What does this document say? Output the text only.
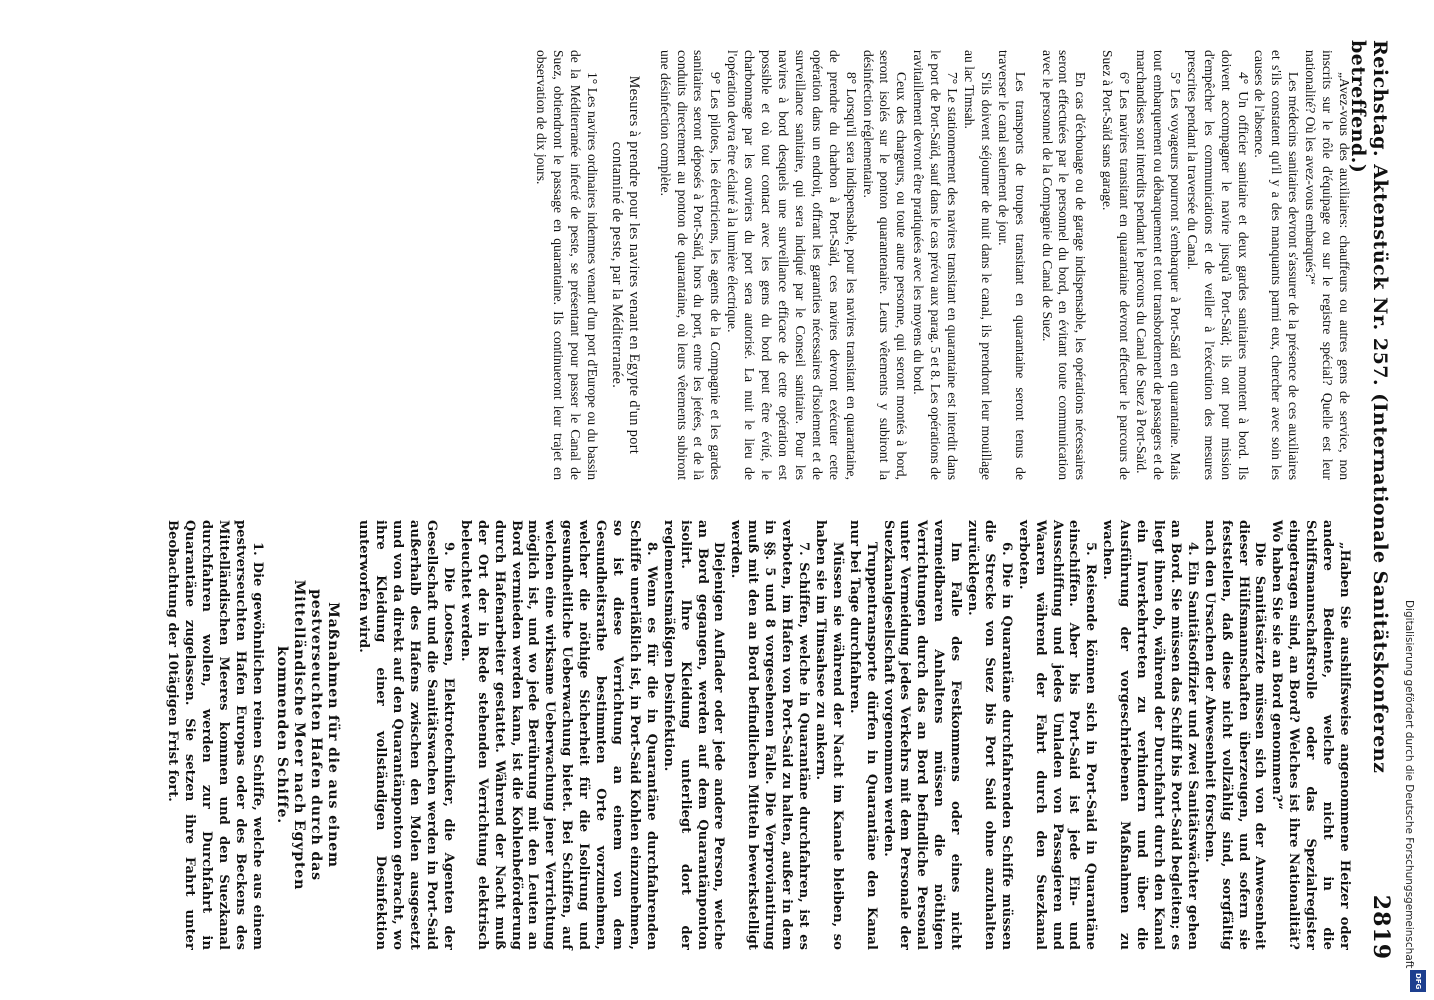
Reichstag. Aktenstück Nr. 257. (Internationale Sanitätskonferenz betreffend.)
2819

„Avez-vous des auxiliaires: chauffeurs ou autres gens de service, non inscrits sur le rôle d'équipage ou sur le registre spécial? Quelle est leur nationalité? Où les avez-vous embarqués?“

Les médecins sanitaires devront s'assurer de la présence de ces auxiliaires et s'ils constatent qu'il y a des manquants parmi eux, chercher avec soin les causes de l'absence.

4° Un officier sanitaire et deux gardes sanitaires montent à bord. Ils doivent accompagner le navire jusqu'à Port-Saïd; ils ont pour mission d'empêcher les communications et de veiller à l'exécution des mesures prescrites pendant la traversée du Canal.

5° Les voyageurs pourront s'embarquer à Port-Saïd en quarantaine. Mais tout embarquement ou débarquement et tout transbordement de passagers et de marchandises sont interdits pendant le parcours du Canal de Suez à Port-Saïd.

6° Les navires transitant en quarantaine devront effectuer le parcours de Suez à Port-Saïd sans garage.

En cas d'échouage ou de garage indispensable, les opérations nécessaires seront effectuées par le personnel du bord, en évitant toute communication avec le personnel de la Compagnie du Canal de Suez.

Les transports de troupes transitant en quarantaine seront tenus de traverser le canal seulement de jour.

S'ils doivent séjourner de nuit dans le canal, ils prendront leur mouillage au lac Timsah.

7° Le stationnement des navires transitant en quarantaine est interdit dans le port de Port-Saïd, sauf dans le cas prévu aux parag. 5 et 8. Les opérations de ravitaillement devront être pratiquées avec les moyens du bord.

Ceux des chargeurs, ou toute autre personne, qui seront montés à bord, seront isolés sur le ponton quarantenaire. Leurs vêtements y subiront la désinfection réglementaire.

8° Lorsqu'il sera indispensable, pour les navires transitant en quarantaine, de prendre du charbon à Port-Saïd, ces navires devront exécuter cette opération dans un endroit, offrant les garanties nécessaires d'isolement et de surveillance sanitaire, qui sera indiqué par le Conseil sanitaire. Pour les navires à bord desquels une surveillance efficace de cette opération est possible et où tout contact avec les gens du bord peut être évité, le charbonnage par les ouvriers du port sera autorisé. La nuit le lieu de l'opération devra être éclairé à la lumière électrique.

9° Les pilotes, les électriciens, les agents de la Compagnie et les gardes sanitaires seront déposés à Port-Saïd, hors du port, entre les jetées, et de là conduits directement au ponton de quarantaine, où leurs vêtements subiront une désinfection complète.

Mesures à prendre pour les navires venant en Egypte d'un port contaminé de peste, par la Méditerranée.

1° Les navires ordinaires indemnes venant d'un port d'Europe ou du bassin de la Méditerranée infecté de peste, se présentant pour passer le Canal de Suez, obtiendront le passage en quarantaine. Ils continueront leur trajet en observation de dix jours.

„Haben Sie aushilfsweise angenommene Heizer oder andere Bediente, welche nicht in die Schiffsmannschaftsrolle oder das Spezialregister eingetragen sind, an Bord? Welches ist ihre Nationalität? Wo haben Sie sie an Bord genommen?“

Die Sanitätsärzte müssen sich von der Anwesenheit dieser Hülfsmannschaften überzeugen, und sofern sie feststellen, daß diese nicht vollzählig sind, sorgfältig nach den Ursachen der Abwesenheit forschen.

4. Ein Sanitätsoffizier und zwei Sanitätswächter gehen an Bord. Sie müssen das Schiff bis Port-Said begleiten; es liegt ihnen ob, während der Durchfahrt durch den Kanal ein Inverkehrtreten zu verhindern und über die Ausführung der vorgeschriebenen Maßnahmen zu wachen.

5. Reisende können sich in Port-Said in Quarantäne einschiffen. Aber bis Port-Said ist jede Ein- und Ausschiffung und jedes Umladen von Passagieren und Waaren während der Fahrt durch den Suezkanal verboten.

6. Die in Quarantäne durchfahrenden Schiffe müssen die Strecke von Suez bis Port Said ohne anzuhalten zurücklegen.

Im Falle des Festkommens oder eines nicht vermeidbaren Anhaltens müssen die nöthigen Verrichtungen durch das an Bord befindliche Personal unter Vermeidung jedes Verkehrs mit dem Personale der Suezkanalgesellschaft vorgenommen werden.

Truppentransporte dürfen in Quarantäne den Kanal nur bei Tage durchfahren.

Müssen sie während der Nacht im Kanale bleiben, so haben sie im Timsahsee zu ankern.

7. Schiffen, welche in Quarantäne durchfahren, ist es verboten, im Hafen von Port-Said zu halten, außer in dem in §§. 5 und 8 vorgesehenen Falle. Die Verproviantirung muß mit den an Bord befindlichen Mitteln bewerkstelligt werden.

Diejenigen Auflader oder jede andere Person, welche an Bord gegangen, werden auf dem Quarantänponton isolirt. Ihre Kleidung unterliegt dort der reglementsmäßigen Desinfektion.

8. Wenn es für die in Quarantäne durchfahrenden Schiffe unerläßlich ist, in Port-Said Kohlen einzunehmen, so ist diese Verrichtung an einem von dem Gesundheitsrathe bestimmten Orte vorzunehmen, welcher die nöthige Sicherheit für die Isolirung und gesundheitliche Ueberwachung bietet. Bei Schiffen, auf welchen eine wirksame Ueberwachung jener Verrichtung möglich ist, und wo jede Berührung mit den Leuten an Bord vermieden werden kann, ist die Kohlenbeförderung durch Hafenarbeiter gestattet. Während der Nacht muß der Ort der in Rede stehenden Verrichtung elektrisch beleuchtet werden.

9. Die Lootsen, Elektrotechniker, die Agenten der Gesellschaft und die Sanitätswachen werden in Port-Said außerhalb des Hafens zwischen den Molen ausgesetzt und von da direkt auf den Quarantänponton gebracht, wo ihre Kleidung einer vollständigen Desinfektion unterworfen wird.

Maßnahmen für die aus einem pestverseuchten Hafen durch das Mittelländische Meer nach Egypten kommenden Schiffe.

1. Die gewöhnlichen reinen Schiffe, welche aus einem pestverseuchten Hafen Europas oder des Beckens des Mittelländischen Meeres kommen und den Suezkanal durchfahren wollen, werden zur Durchfahrt in Quarantäne zugelassen. Sie setzen ihre Fahrt unter Beobachtung der 10tägigen Frist fort.	Digitalisierung gefördert durch die Deutsche Forschungsgemeinschaft
DFG
